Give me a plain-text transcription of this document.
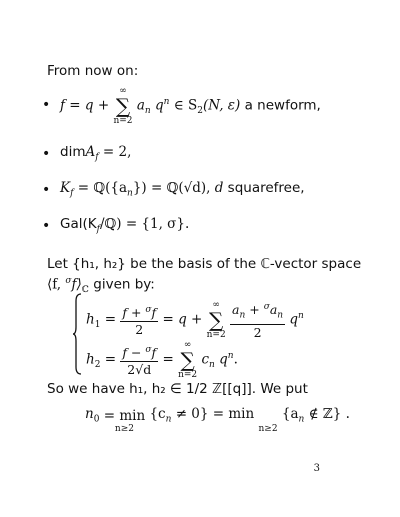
From now on:
• f = q +
∞
∑
n=2
$a_n$ $q^n$ ∈ $S_2(N$, ε) a newform,
• dimA$_f$ = 2,
• $K_f$ = $ℚ(\{a_n\})$ = ℚ(√d), d squarefree,
• $Gal(K_f/ℚ) = \{1$, σ}.
Let {h₁, h₂} be the basis of the ℂ-vector space
⟨f, $^\sigma f⟩_ℂ$ given by:
$h_1 = \frac{f + ^\sigma f}{2} = q$ +
∞
∑
n=2
$\frac{a_n + ^\sigma a_n}{2} q^n$
$h_2 = \frac{f - ^\sigma f}{2√d}$ =
∞
∑
n=2
$c_n$ $q^n$.
So we have h₁, h₂ ∈ 1/2 ℤ[[q]]. We put
$n_0 = \min$
n≥2
$\{c_n \ne 0\} = \min$
n≥2
{$a_n$ ∉ ℤ} .
3
